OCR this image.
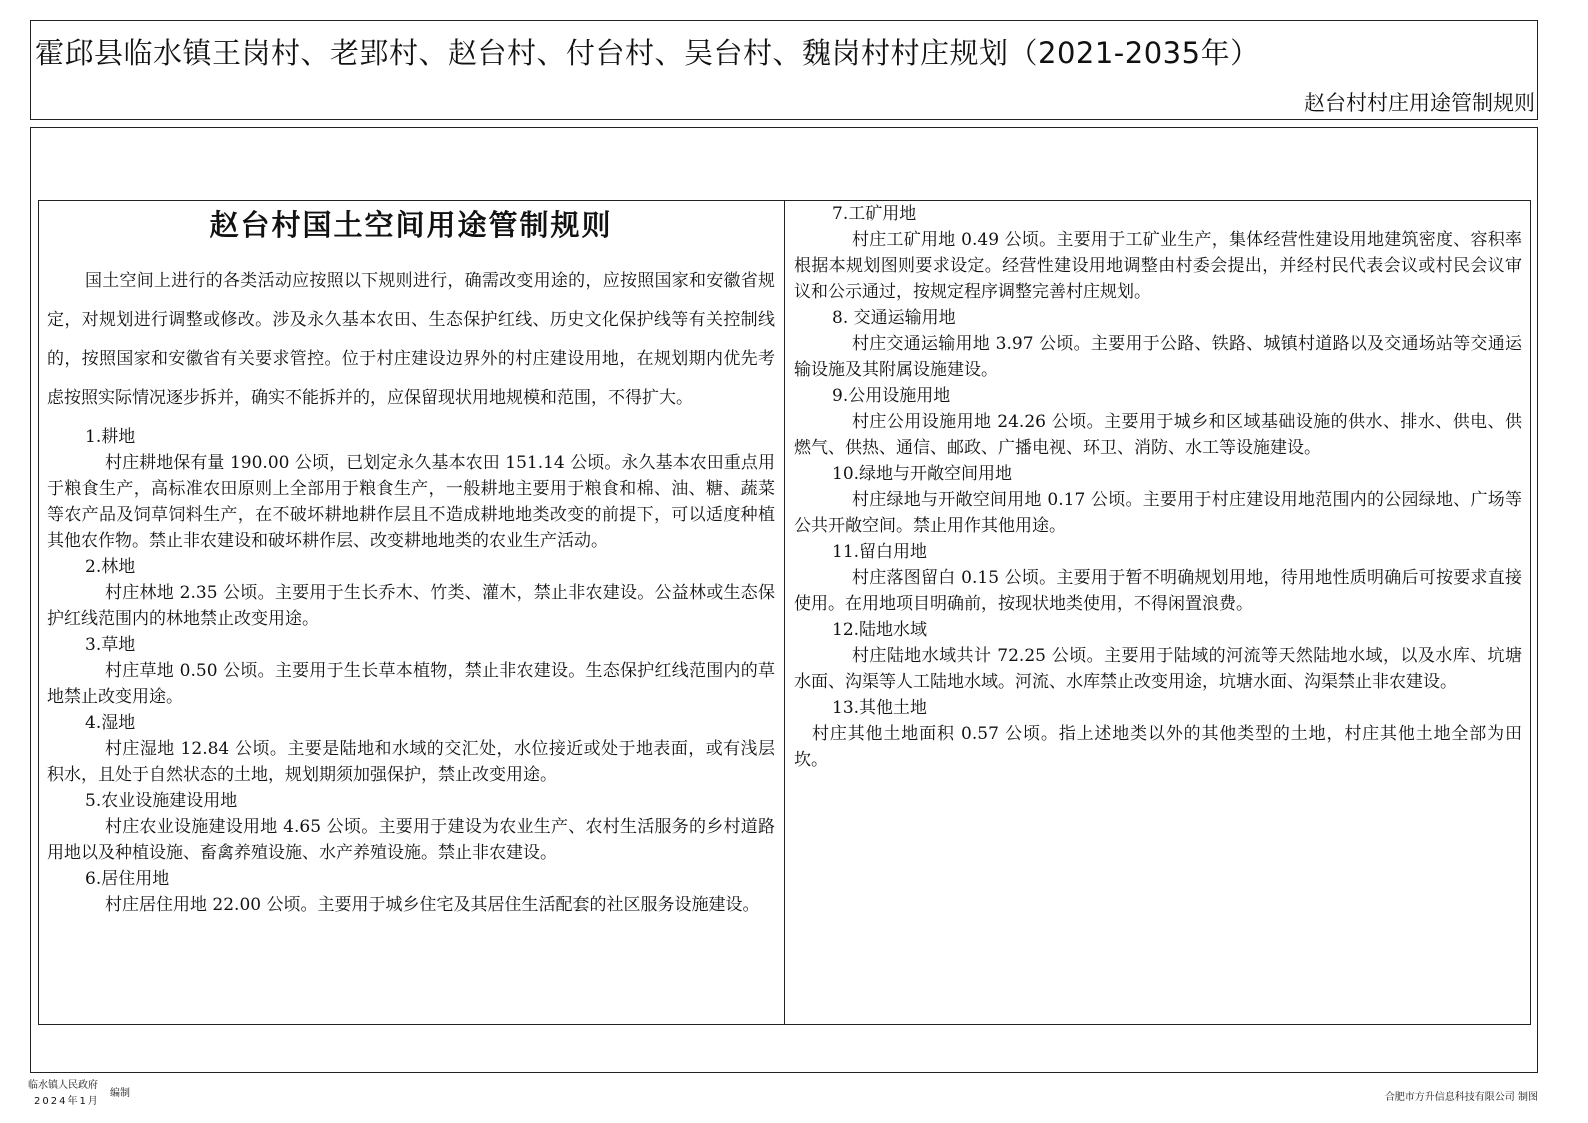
霍邱县临水镇王岗村、老郢村、赵台村、付台村、吴台村、魏岗村村庄规划（2021-2035年）
赵台村村庄用途管制规则
赵台村国土空间用途管制规则

国土空间上进行的各类活动应按照以下规则进行，确需改变用途的，应按照国家和安徽省规定，对规划进行调整或修改。涉及永久基本农田、生态保护红线、历史文化保护线等有关控制线的，按照国家和安徽省有关要求管控。位于村庄建设边界外的村庄建设用地，在规划期内优先考虑按照实际情况逐步拆并，确实不能拆并的，应保留现状用地规模和范围，不得扩大。

1.耕地

村庄耕地保有量 190.00 公顷，已划定永久基本农田 151.14 公顷。永久基本农田重点用于粮食生产，高标准农田原则上全部用于粮食生产，一般耕地主要用于粮食和棉、油、糖、蔬菜等农产品及饲草饲料生产，在不破坏耕地耕作层且不造成耕地地类改变的前提下，可以适度种植其他农作物。禁止非农建设和破坏耕作层、改变耕地地类的农业生产活动。

2.林地

村庄林地 2.35 公顷。主要用于生长乔木、竹类、灌木，禁止非农建设。公益林或生态保护红线范围内的林地禁止改变用途。

3.草地

村庄草地 0.50 公顷。主要用于生长草本植物，禁止非农建设。生态保护红线范围内的草地禁止改变用途。

4.湿地

村庄湿地 12.84 公顷。主要是陆地和水域的交汇处，水位接近或处于地表面，或有浅层积水，且处于自然状态的土地，规划期须加强保护，禁止改变用途。

5.农业设施建设用地

村庄农业设施建设用地 4.65 公顷。主要用于建设为农业生产、农村生活服务的乡村道路用地以及种植设施、畜禽养殖设施、水产养殖设施。禁止非农建设。

6.居住用地

村庄居住用地 22.00 公顷。主要用于城乡住宅及其居住生活配套的社区服务设施建设。

7.工矿用地

村庄工矿用地 0.49 公顷。主要用于工矿业生产，集体经营性建设用地建筑密度、容积率根据本规划图则要求设定。经营性建设用地调整由村委会提出，并经村民代表会议或村民会议审议和公示通过，按规定程序调整完善村庄规划。

8. 交通运输用地

村庄交通运输用地 3.97 公顷。主要用于公路、铁路、城镇村道路以及交通场站等交通运输设施及其附属设施建设。

9.公用设施用地

村庄公用设施用地 24.26 公顷。主要用于城乡和区域基础设施的供水、排水、供电、供燃气、供热、通信、邮政、广播电视、环卫、消防、水工等设施建设。

10.绿地与开敞空间用地

村庄绿地与开敞空间用地 0.17 公顷。主要用于村庄建设用地范围内的公园绿地、广场等公共开敞空间。禁止用作其他用途。

11.留白用地

村庄落图留白 0.15 公顷。主要用于暂不明确规划用地，待用地性质明确后可按要求直接使用。在用地项目明确前，按现状地类使用，不得闲置浪费。

12.陆地水域

村庄陆地水域共计 72.25 公顷。主要用于陆域的河流等天然陆地水域，以及水库、坑塘水面、沟渠等人工陆地水域。河流、水库禁止改变用途，坑塘水面、沟渠禁止非农建设。

13.其他土地

村庄其他土地面积 0.57 公顷。指上述地类以外的其他类型的土地，村庄其他土地全部为田坎。

临水镇人民政府
2024年1月
编制	合肥市方升信息科技有限公司 制图
